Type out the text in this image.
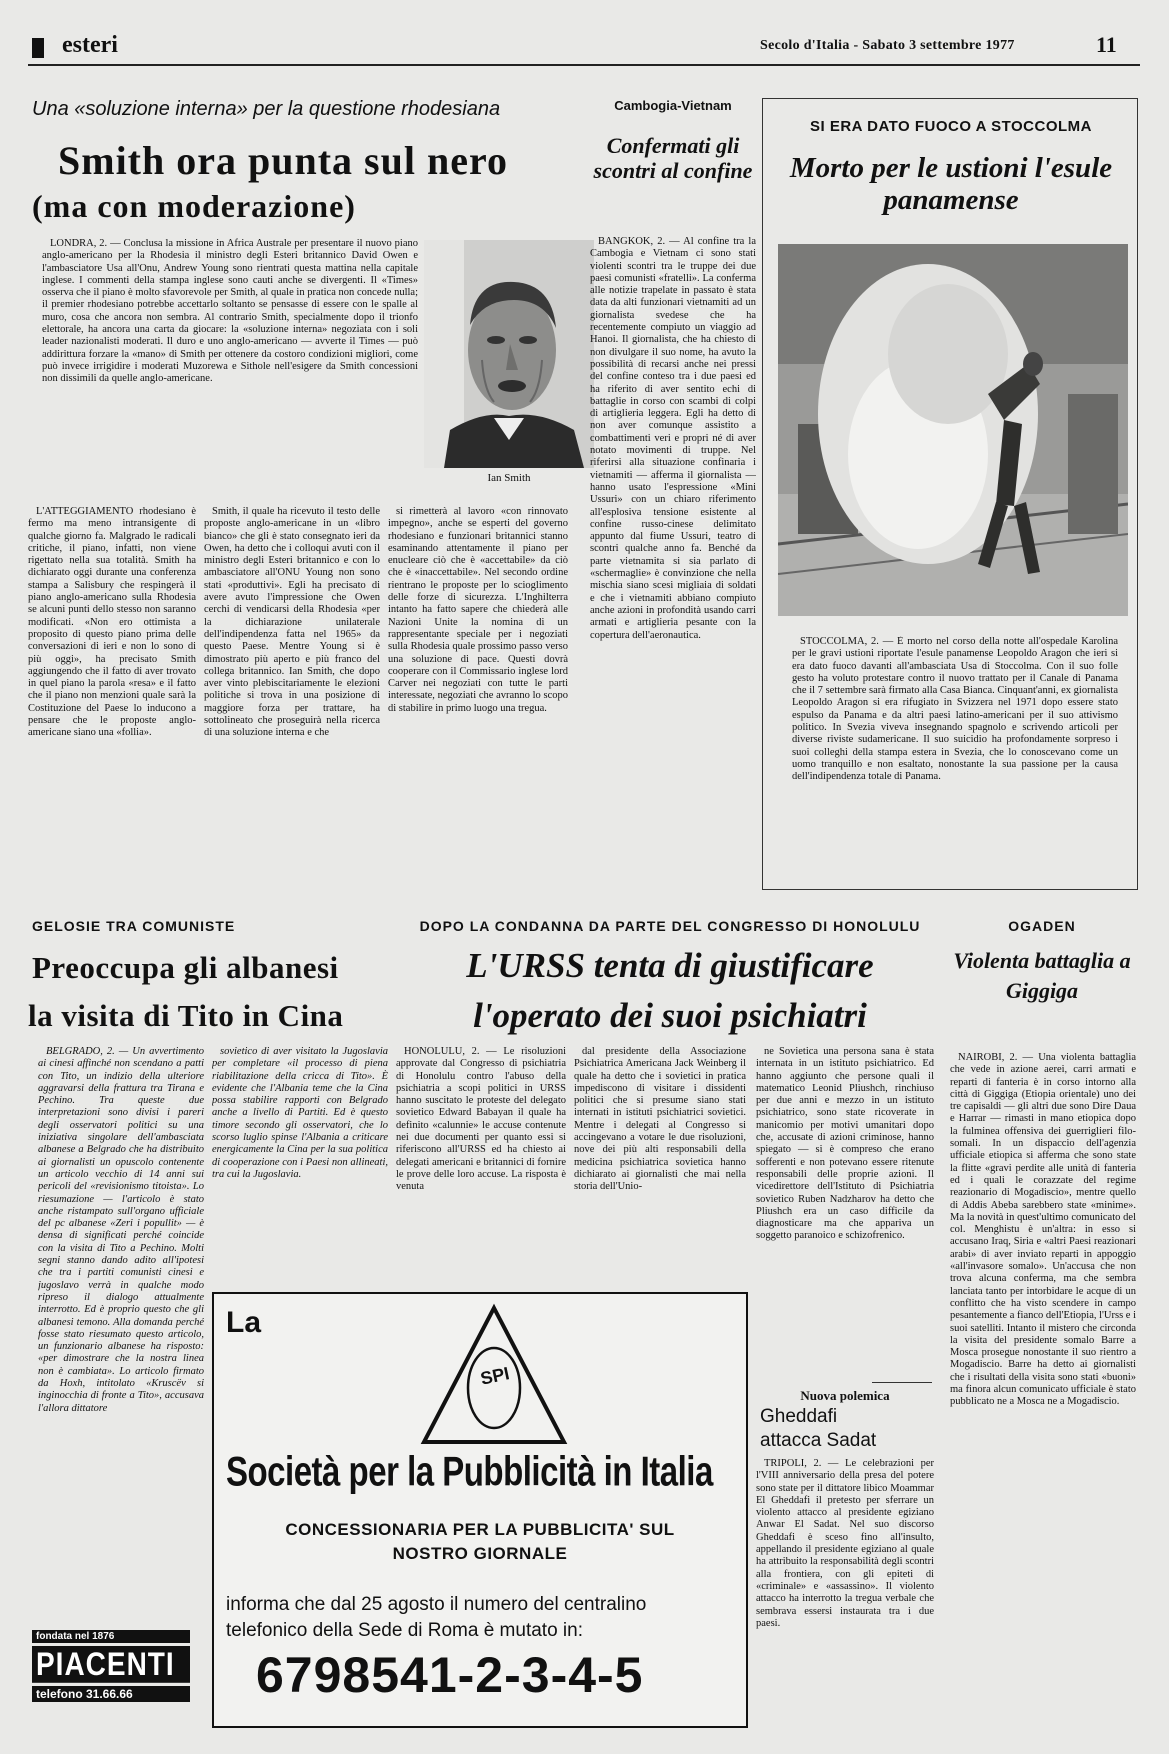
esteri	Secolo d'Italia - Sabato 3 settembre 1977	11
Una «soluzione interna» per la questione rhodesiana
Smith ora punta sul nero
(ma con moderazione)

LONDRA, 2. — Conclusa la missione in Africa Australe per presentare il nuovo piano anglo-americano per la Rhodesia il ministro degli Esteri britannico David Owen e l'ambasciatore Usa all'Onu, Andrew Young sono rientrati questa mattina nella capitale inglese. I commenti della stampa inglese sono cauti anche se divergenti. Il «Times» osserva che il piano è molto sfavorevole per Smith, al quale in pratica non concede nulla; il premier rhodesiano potrebbe accettarlo soltanto se pensasse di essere con le spalle al muro, cosa che ancora non sembra. Al contrario Smith, specialmente dopo il trionfo elettorale, ha ancora una carta da giocare: la «soluzione interna» negoziata con i soli leader nazionalisti moderati. Il duro e uno anglo-americano — avverte il Times — può addirittura forzare la «mano» di Smith per ottenere da costoro condizioni migliori, come può invece irrigidire i moderati Muzorewa e Sithole nell'esigere da Smith concessioni non dissimili da quelle anglo-americane.

Ian Smith

L'ATTEGGIAMENTO rhodesiano è fermo ma meno intransigente di qualche giorno fa. Malgrado le radicali critiche, il piano, infatti, non viene rigettato nella sua totalità. Smith ha dichiarato oggi durante una conferenza stampa a Salisbury che respingerà il piano anglo-americano sulla Rhodesia se alcuni punti dello stesso non saranno modificati. «Non ero ottimista a proposito di questo piano prima delle conversazioni di ieri e non lo sono di più oggi», ha precisato Smith aggiungendo che il fatto di aver trovato in quel piano la parola «resa» e il fatto che il piano non menzioni quale sarà la Costituzione del Paese lo inducono a pensare che le proposte anglo-americane siano una «follia».

Smith, il quale ha ricevuto il testo delle proposte anglo-americane in un «libro bianco» che gli è stato consegnato ieri da Owen, ha detto che i colloqui avuti con il ministro degli Esteri britannico e con lo ambasciatore all'ONU Young non sono stati «produttivi». Egli ha precisato di avere avuto l'impressione che Owen cerchi di vendicarsi della Rhodesia «per la dichiarazione unilaterale dell'indipendenza fatta nel 1965» da questo Paese. Mentre Young si è dimostrato più aperto e più franco del collega britannico. Ian Smith, che dopo aver vinto plebiscitariamente le elezioni politiche si trova in una posizione di maggiore forza per trattare, ha sottolineato che proseguirà nella ricerca di una soluzione interna e che

si rimetterà al lavoro «con rinnovato impegno», anche se esperti del governo rhodesiano e funzionari britannici stanno esaminando attentamente il piano per enucleare ciò che è «accettabile» da ciò che è «inaccettabile». Nel secondo ordine rientrano le proposte per lo scioglimento delle forze di sicurezza. L'Inghilterra intanto ha fatto sapere che chiederà alle Nazioni Unite la nomina di un rappresentante speciale per i negoziati sulla Rhodesia quale prossimo passo verso una soluzione di pace. Questi dovrà cooperare con il Commissario inglese lord Carver nei negoziati con tutte le parti interessate, negoziati che avranno lo scopo di stabilire in primo luogo una tregua.

Cambogia-Vietnam
Confermati gli scontri al confine

BANGKOK, 2. — Al confine tra la Cambogia e Vietnam ci sono stati violenti scontri tra le truppe dei due paesi comunisti «fratelli». La conferma alle notizie trapelate in passato è stata data da alti funzionari vietnamiti ad un giornalista svedese che ha recentemente compiuto un viaggio ad Hanoi. Il giornalista, che ha chiesto di non divulgare il suo nome, ha avuto la possibilità di recarsi anche nei pressi del confine conteso tra i due paesi ed ha riferito di aver sentito echi di battaglie in corso con scambi di colpi di artiglieria leggera. Egli ha detto di non aver comunque assistito a combattimenti veri e propri né di aver notato movimenti di truppe. Nel riferirsi alla situazione confinaria i vietnamiti — afferma il giornalista — hanno usato l'espressione «Mini Ussuri» con un chiaro riferimento all'esplosiva tensione esistente al confine russo-cinese delimitato appunto dal fiume Ussuri, teatro di scontri qualche anno fa. Benché da parte vietnamita si sia parlato di «schermaglie» è convinzione che nella mischia siano scesi migliaia di soldati e che i vietnamiti abbiano compiuto anche azioni in profondità usando carri armati e artiglieria pesante con la copertura dell'aeronautica.

SI ERA DATO FUOCO A STOCCOLMA
Morto per le ustioni l'esule panamense

STOCCOLMA, 2. — È morto nel corso della notte all'ospedale Karolina per le gravi ustioni riportate l'esule panamense Leopoldo Aragon che ieri si era dato fuoco davanti all'ambasciata Usa di Stoccolma. Con il suo folle gesto ha voluto protestare contro il nuovo trattato per il Canale di Panama che il 7 settembre sarà firmato alla Casa Bianca. Cinquant'anni, ex giornalista Leopoldo Aragon si era rifugiato in Svizzera nel 1971 dopo essere stato espulso da Panama e da altri paesi latino-americani per il suo attivismo politico. In Svezia viveva insegnando spagnolo e scrivendo articoli per diverse riviste sudamericane. Il suo suicidio ha profondamente sorpreso i suoi colleghi della stampa estera in Svezia, che lo conoscevano come un uomo tranquillo e non esaltato, nonostante la sua passione per la causa dell'indipendenza totale di Panama.

GELOSIE TRA COMUNISTE
Preoccupa gli albanesi
la visita di Tito in Cina

BELGRADO, 2. — Un avvertimento ai cinesi affinché non scendano a patti con Tito, un indizio della ulteriore aggravarsi della frattura tra Tirana e Pechino. Tra queste due interpretazioni sono divisi i pareri degli osservatori politici su una iniziativa singolare dell'ambasciata albanese a Belgrado che ha distribuito ai giornalisti un opuscolo contenente un articolo vecchio di 14 anni sui pericoli del «revisionismo titoista». Lo riesumazione — l'articolo è stato anche ristampato sull'organo ufficiale del pc albanese «Zeri i popullit» — è densa di significati perché coincide con la visita di Tito a Pechino. Molti segni stanno dando adito all'ipotesi che tra i partiti comunisti cinesi e jugoslavo verrà in qualche modo ripreso il dialogo attualmente interrotto. Ed è proprio questo che gli albanesi temono. Alla domanda perché fosse stato riesumato questo articolo, un funzionario albanese ha risposto: «per dimostrare che la nostra linea non è cambiata». Lo articolo firmato da Hoxh, intitolato «Kruscëv si inginocchia di fronte a Tito», accusava l'allora dittatore

sovietico di aver visitato la Jugoslavia per completare «il processo di piena riabilitazione della cricca di Tito». È evidente che l'Albania teme che la Cina possa stabilire rapporti con Belgrado anche a livello di Partiti. Ed è questo timore secondo gli osservatori, che lo scorso luglio spinse l'Albania a criticare energicamente la Cina per la sua politica di cooperazione con i Paesi non allineati, tra cui la Jugoslavia.

DOPO LA CONDANNA DA PARTE DEL CONGRESSO DI HONOLULU
L'URSS tenta di giustificare
l'operato dei suoi psichiatri

HONOLULU, 2. — Le risoluzioni approvate dal Congresso di psichiatria di Honolulu contro l'abuso della psichiatria a scopi politici in URSS hanno suscitato le proteste del delegato sovietico Edward Babayan il quale ha definito «calunnie» le accuse contenute nei due documenti per quanto essi si riferiscono all'URSS ed ha chiesto ai delegati americani e britannici di fornire le prove delle loro accuse. La risposta è venuta

dal presidente della Associazione Psichiatrica Americana Jack Weinberg il quale ha detto che i sovietici in pratica impediscono di visitare i dissidenti politici che si presume siano stati internati in istituti psichiatrici sovietici. Mentre i delegati al Congresso si accingevano a votare le due risoluzioni, nove dei più alti responsabili della medicina psichiatrica sovietica hanno dichiarato ai giornalisti che mai nella storia dell'Unio-

ne Sovietica una persona sana è stata internata in un istituto psichiatrico. Ed hanno aggiunto che persone quali il matematico Leonid Pliushch, rinchiuso per due anni e mezzo in un istituto psichiatrico, sono state ricoverate in manicomio per motivi umanitari dopo che, accusate di azioni criminose, hanno spiegato — si è compreso che erano sofferenti e non potevano essere ritenute responsabili delle proprie azioni. Il vicedirettore dell'Istituto di Psichiatria sovietico Ruben Nadzharov ha detto che Pliushch era un caso difficile da diagnosticare ma che appariva un soggetto paranoico e schizofrenico.

Nuova polemica
Gheddafi
attacca Sadat

TRIPOLI, 2. — Le celebrazioni per l'VIII anniversario della presa del potere sono state per il dittatore libico Moammar El Gheddafi il pretesto per sferrare un violento attacco al presidente egiziano Anwar El Sadat. Nel suo discorso Gheddafi è sceso fino all'insulto, appellando il presidente egiziano al quale ha attribuito la responsabilità degli scontri alla frontiera, con gli epiteti di «criminale» e «assassino». Il violento attacco ha interrotto la tregua verbale che sembrava essersi instaurata tra i due paesi.

OGADEN
Violenta battaglia a Giggiga

NAIROBI, 2. — Una violenta battaglia che vede in azione aerei, carri armati e reparti di fanteria è in corso intorno alla città di Giggiga (Etiopia orientale) uno dei tre capisaldi — gli altri due sono Dire Daua e Harrar — rimasti in mano etiopica dopo la fulminea offensiva dei guerriglieri filo-somali. In un dispaccio dell'agenzia ufficiale etiopica si afferma che sono state la flitte «gravi perdite alle unità di fanteria ed i quali le corazzate del regime reazionario di Mogadiscio», mentre quello di Addis Abeba sarebbero state «minime». Ma la novità in quest'ultimo comunicato del col. Menghistu è un'altra: in esso si accusano Iraq, Siria e «altri Paesi reazionari arabi» di aver inviato reparti in appoggio «all'invasore somalo». Un'accusa che non trova alcuna conferma, ma che sembra lanciata tanto per intorbidare le acque di un conflitto che ha visto scendere in campo pesantemente a fianco dell'Etiopia, l'Urss e i suoi satelliti. Intanto il mistero che circonda la visita del presidente somalo Barre a Mosca prosegue nonostante il suo rientro a Mogadiscio. Barre ha detto ai giornalisti che i risultati della visita sono stati «buoni» ma finora alcun comunicato ufficiale è stato pubblicato ne a Mosca ne a Mogadiscio.

La
SPI
Società per la Pubblicità in Italia
CONCESSIONARIA PER LA PUBBLICITA' SUL
NOSTRO GIORNALE
informa che dal 25 agosto il numero del centralino
telefonico della Sede di Roma è mutato in:
6798541-2-3-4-5
fondata nel 1876
PIACENTI
telefono 31.66.66
